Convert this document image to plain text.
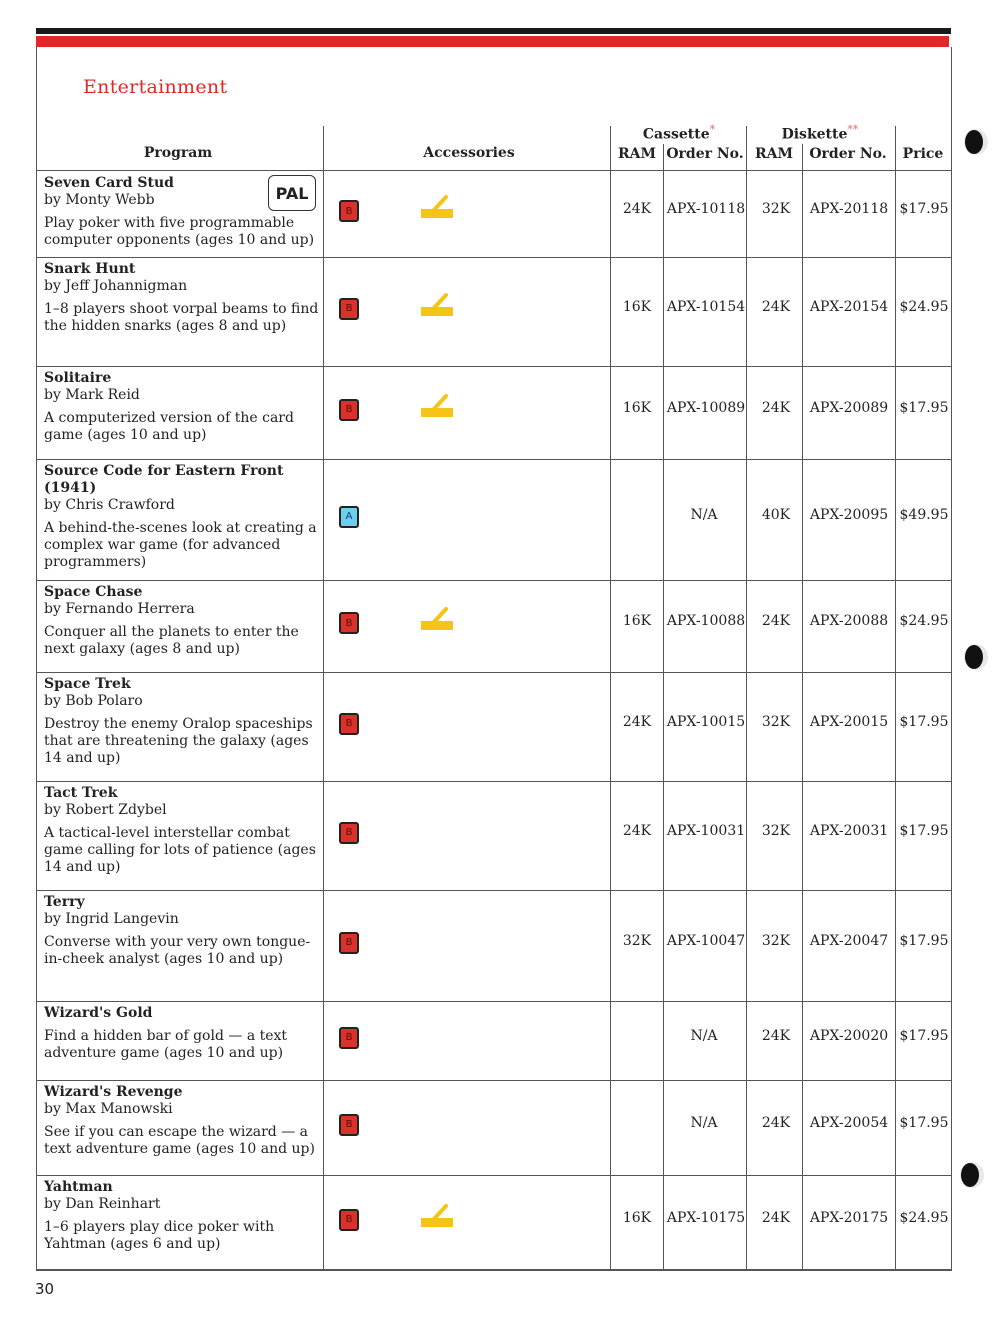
Entertainment
Program	Accessories
Cassette*	Diskette**
RAM Order No. RAM Order No. Price
Seven Card Stud
by Monty Webb
Play poker with five programmable computer opponents (ages 10 and up)
PAL
B	24K APX-10118 32K APX-20118 $17.95
Snark Hunt
by Jeff Johannigman
1–8 players shoot vorpal beams to find the hidden snarks (ages 8 and up)
B	16K APX-10154 24K APX-20154 $24.95
Solitaire
by Mark Reid
A computerized version of the card game (ages 10 and up)
B	16K APX-10089 24K APX-20089 $17.95
Source Code for Eastern Front (1941)
by Chris Crawford
A behind-the-scenes look at creating a complex war game (for advanced programmers)
A	N/A	40K APX-20095 $49.95
Space Chase
by Fernando Herrera
Conquer all the planets to enter the next galaxy (ages 8 and up)
B	16K APX-10088 24K APX-20088 $24.95
Space Trek
by Bob Polaro
Destroy the enemy Oralop spaceships that are threatening the galaxy (ages 14 and up)
B	24K APX-10015 32K APX-20015 $17.95
Tact Trek
by Robert Zdybel
A tactical-level interstellar combat game calling for lots of patience (ages 14 and up)
B	24K APX-10031 32K APX-20031 $17.95
Terry
by Ingrid Langevin
Converse with your very own tongue-in-cheek analyst (ages 10 and up)
B	32K APX-10047 32K APX-20047 $17.95
Wizard's Gold
Find a hidden bar of gold — a text adventure game (ages 10 and up)
B	N/A	24K APX-20020 $17.95
Wizard's Revenge
by Max Manowski
See if you can escape the wizard — a text adventure game (ages 10 and up)
B	N/A	24K APX-20054 $17.95
Yahtman
by Dan Reinhart
1–6 players play dice poker with Yahtman (ages 6 and up)
B	16K APX-10175 24K APX-20175 $24.95
30
